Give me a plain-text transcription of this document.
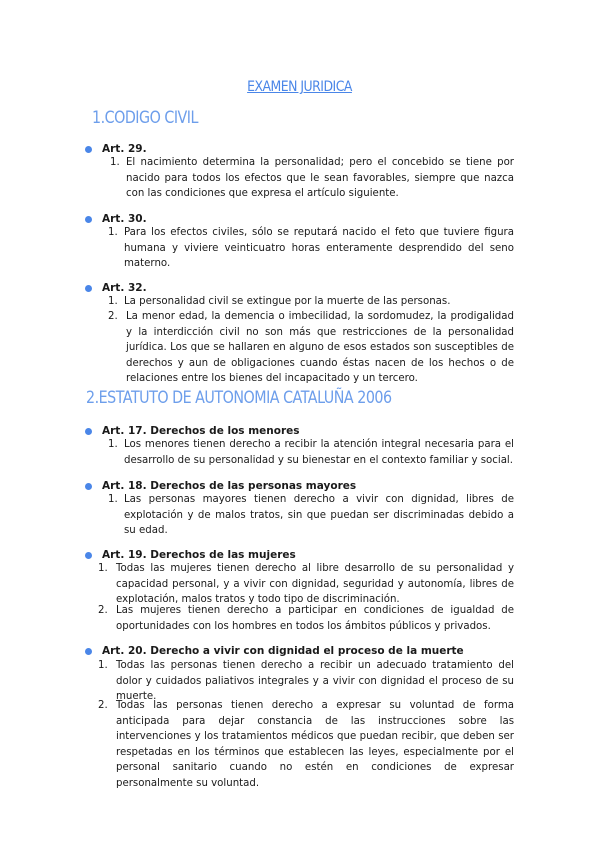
EXAMEN JURIDICA
1.CODIGO CIVIL
Art. 29.
1. El nacimiento determina la personalidad; pero el concebido se tiene por nacido para todos los efectos que le sean favorables, siempre que nazca con las condiciones que expresa el artículo siguiente.
Art. 30.
1. Para los efectos civiles, sólo se reputará nacido el feto que tuviere figura humana y viviere veinticuatro horas enteramente desprendido del seno materno.
Art. 32.
1. La personalidad civil se extingue por la muerte de las personas.
2. La menor edad, la demencia o imbecilidad, la sordomudez, la prodigalidad y la interdicción civil no son más que restricciones de la personalidad jurídica. Los que se hallaren en alguno de esos estados son susceptibles de derechos y aun de obligaciones cuando éstas nacen de los hechos o de relaciones entre los bienes del incapacitado y un tercero.
2.ESTATUTO DE AUTONOMIA CATALUÑA 2006
Art. 17. Derechos de los menores
1. Los menores tienen derecho a recibir la atención integral necesaria para el desarrollo de su personalidad y su bienestar en el contexto familiar y social.
Art. 18. Derechos de las personas mayores
1. Las personas mayores tienen derecho a vivir con dignidad, libres de explotación y de malos tratos, sin que puedan ser discriminadas debido a su edad.
Art. 19. Derechos de las mujeres
1. Todas las mujeres tienen derecho al libre desarrollo de su personalidad y capacidad personal, y a vivir con dignidad, seguridad y autonomía, libres de explotación, malos tratos y todo tipo de discriminación.
2. Las mujeres tienen derecho a participar en condiciones de igualdad de oportunidades con los hombres en todos los ámbitos públicos y privados.
Art. 20. Derecho a vivir con dignidad el proceso de la muerte
1. Todas las personas tienen derecho a recibir un adecuado tratamiento del dolor y cuidados paliativos integrales y a vivir con dignidad el proceso de su muerte.
2. Todas las personas tienen derecho a expresar su voluntad de forma anticipada para dejar constancia de las instrucciones sobre las intervenciones y los tratamientos médicos que puedan recibir, que deben ser respetadas en los términos que establecen las leyes, especialmente por el personal sanitario cuando no estén en condiciones de expresar personalmente su voluntad.
